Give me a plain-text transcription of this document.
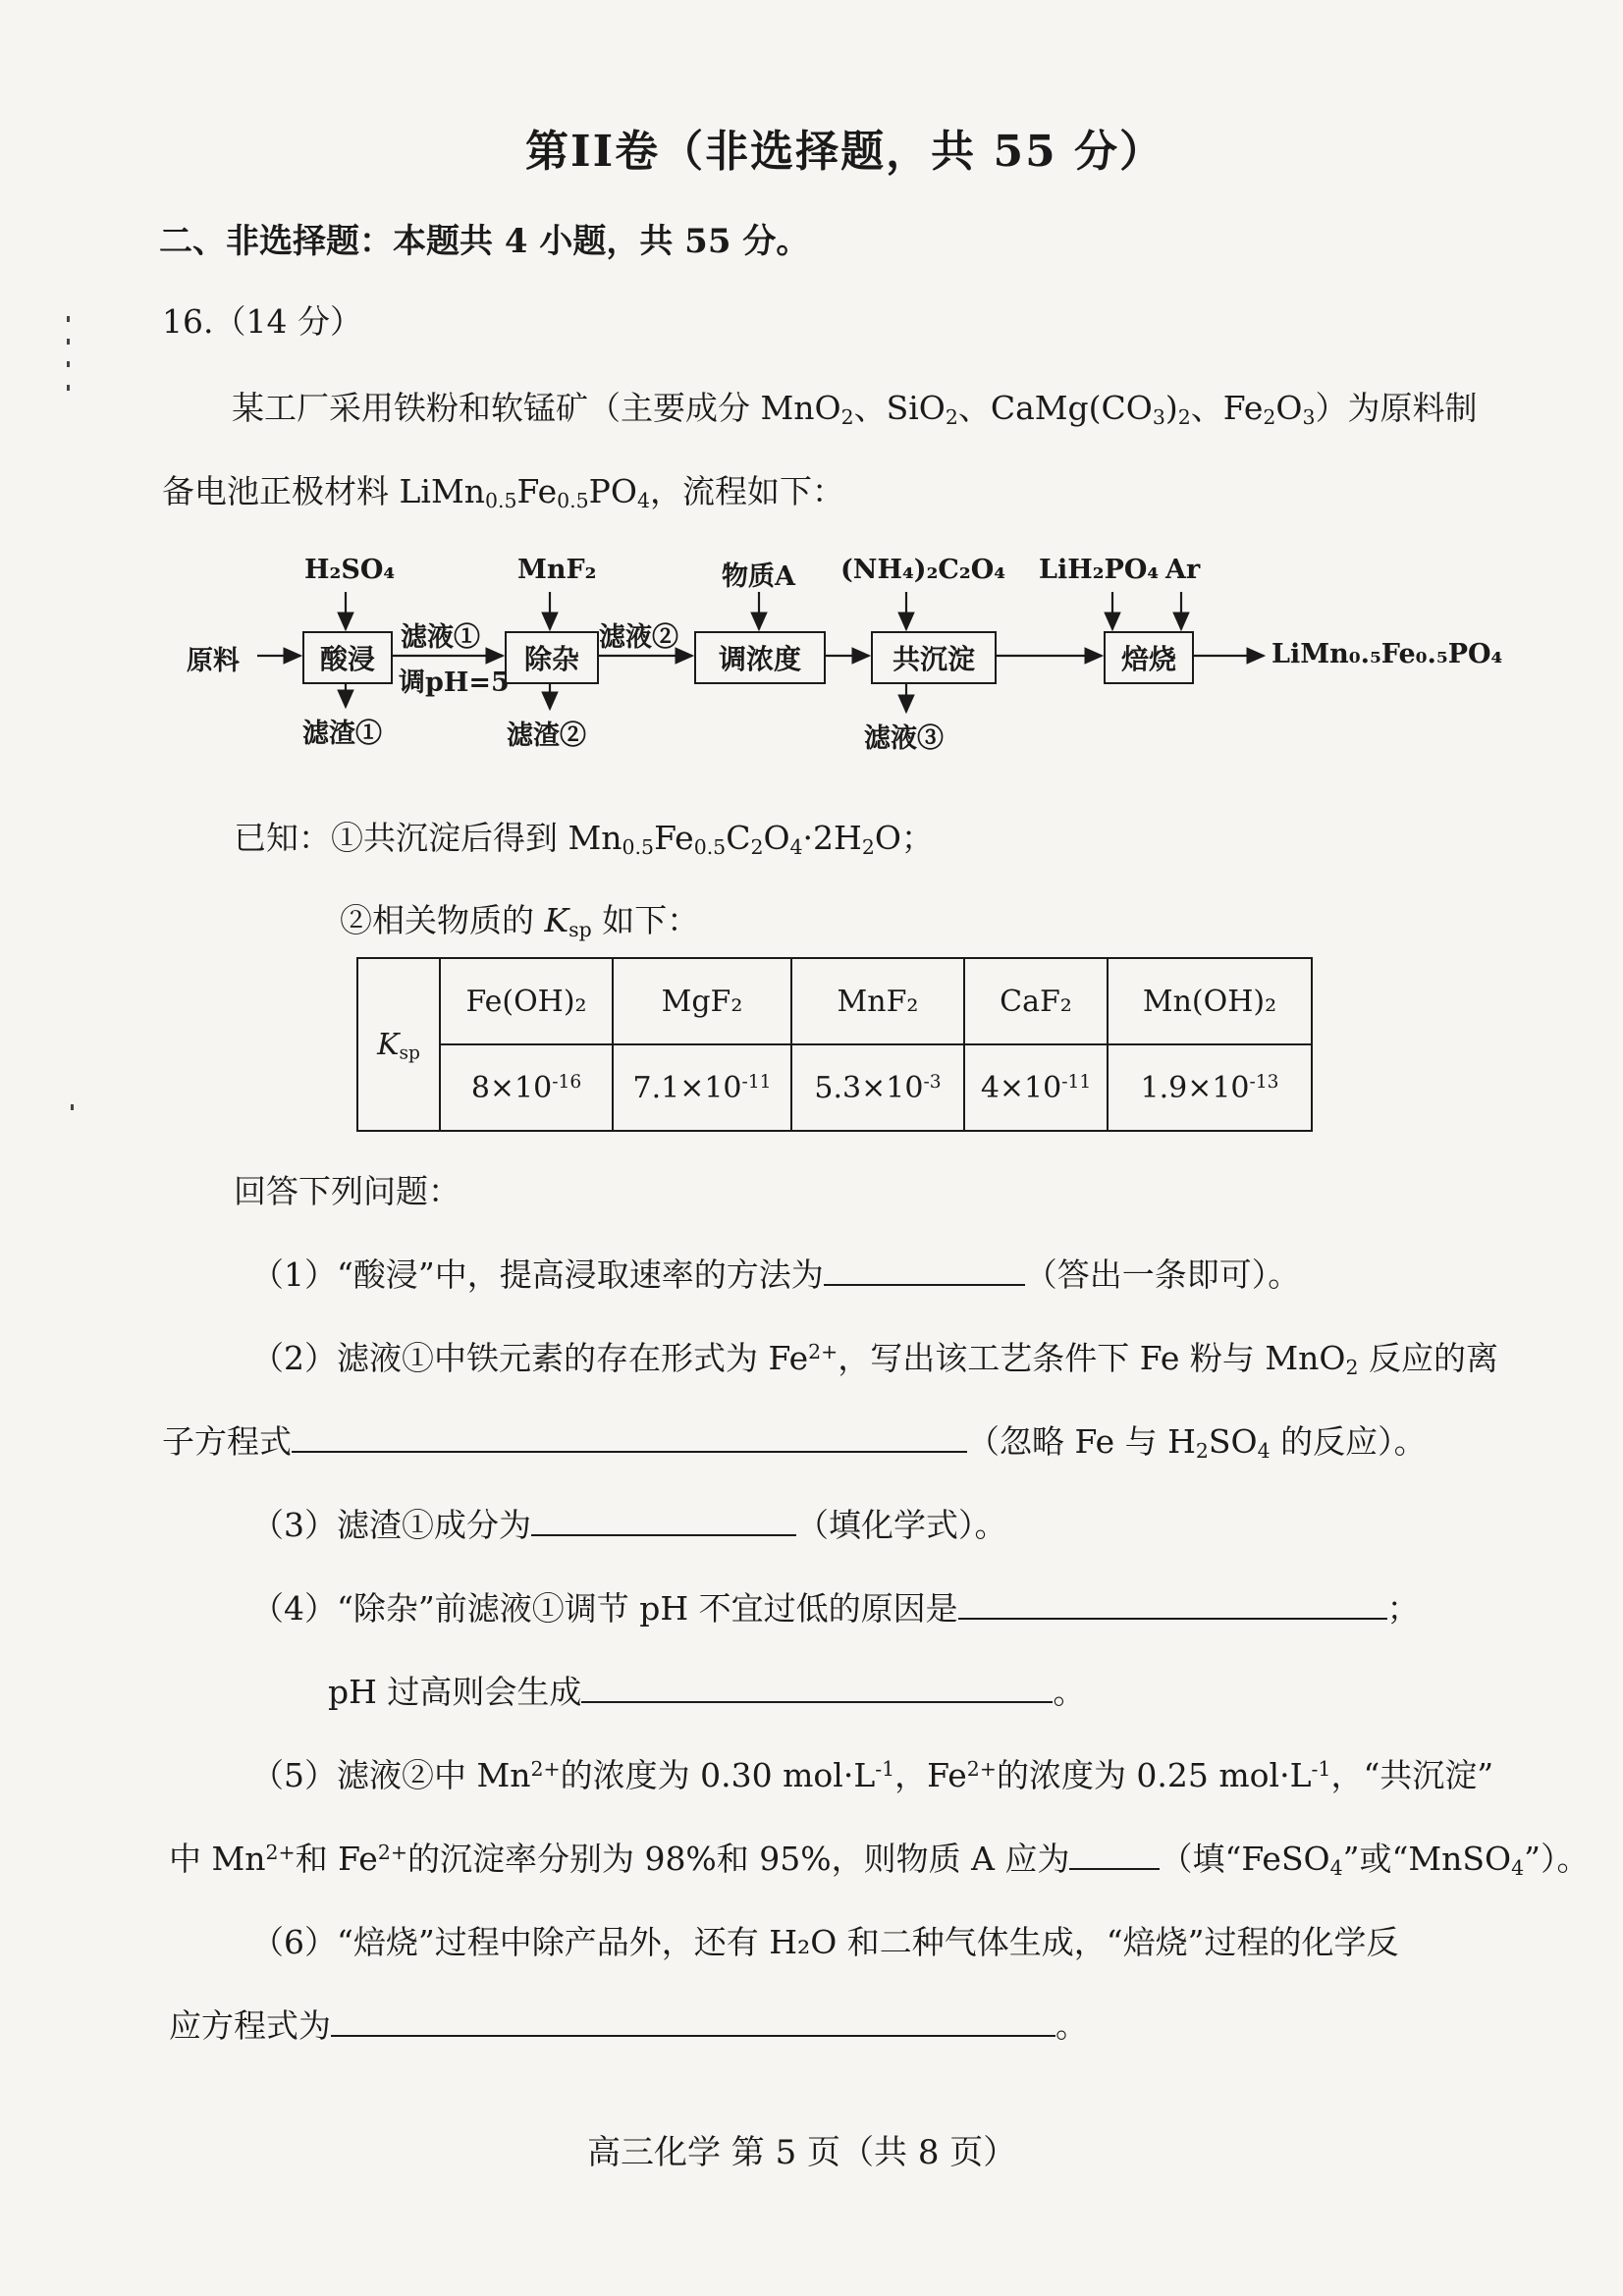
第II卷（非选择题，共 55 分）
二、非选择题：本题共 4 小题，共 55 分。
16.（14 分）
某工厂采用铁粉和软锰矿（主要成分 MnO$_2$、SiO$_2$、$CaMg(CO_3)_2$、$Fe_2O_3$）为原料制
备电池正极材料 $LiMn_{0.5}Fe_{0.5}PO_4$，流程如下：
H₂SO₄	MnF₂	物质A (NH₄)₂C₂O₄ LiH₂PO₄ Ar
原料	酸浸	除杂	调浓度	共沉淀	焙烧
滤液①
调pH=5
滤液②
滤渣①	滤渣②	滤液③
LiMn₀.₅Fe₀.₅PO₄
已知：①共沉淀后得到 $Mn_{0.5}Fe_{0.5}C_2O_4\cdot 2H_2O$；
②相关物质的 $K_{sp}$ 如下：
$K_{sp}$	Fe(OH)₂	MgF₂	MnF₂	CaF₂	Mn(OH)₂
	$8\times 10^{-16}$	$7.1\times 10^{-11}$	$5.3\times 10^{-3}$	$4\times 10^{-11}$	$1.9\times 10^{-13}$
回答下列问题：
（1）“酸浸”中，提高浸取速率的方法为	（答出一条即可）。
（2）滤液①中铁元素的存在形式为 $Fe^{2+}$，写出该工艺条件下 Fe 粉与 MnO$_2$ 反应的离
子方程式	（忽略 Fe 与 $H_2SO_4$ 的反应）。
（3）滤渣①成分为	（填化学式）。
（4）“除杂”前滤液①调节 pH 不宜过低的原因是	；
pH 过高则会生成	。
（5）滤液②中 $Mn^{2+}$的浓度为 0.30 $mol\cdot L^{-1}$，$Fe^{2+}$的浓度为 0.25 $mol\cdot L^{-1}$，“共沉淀”
中 $Mn^{2+}$和 $Fe^{2+}$的沉淀率分别为 98%和 95%，则物质 A 应为	（填“FeSO$_4$”或“MnSO$_4$”）。
（6）“焙烧”过程中除产品外，还有 H₂O 和二种气体生成，“焙烧”过程的化学反
应方程式为	。
高三化学 第 5 页（共 8 页）
